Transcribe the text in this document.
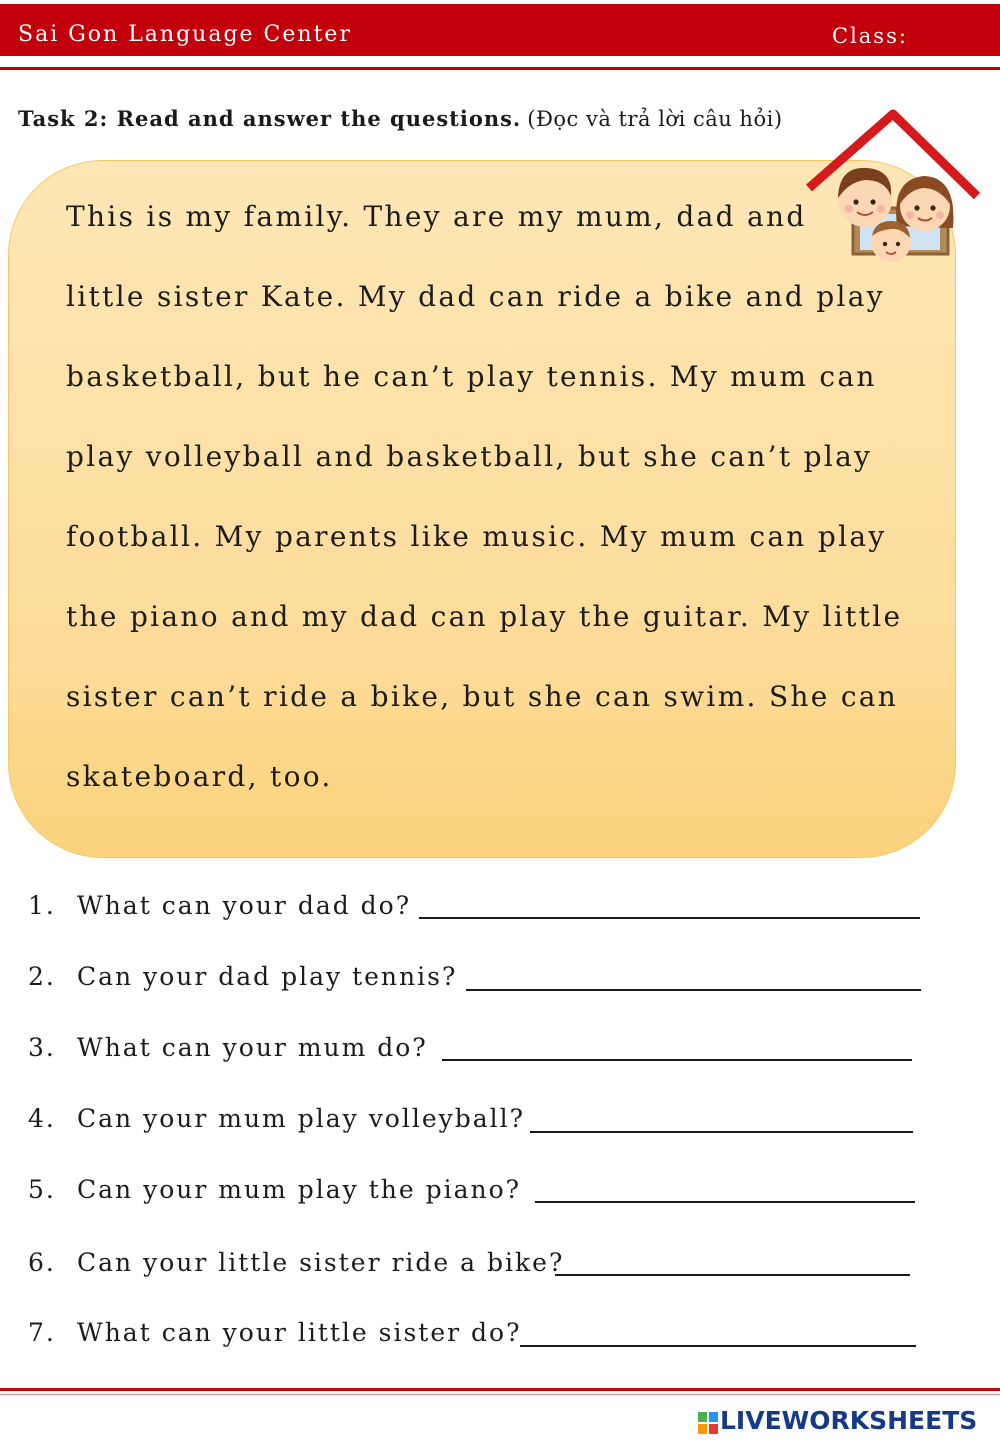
Sai Gon Language Center	Class:
Task 2: Read and answer the questions. (Đọc và trả lời câu hỏi)
This is my family. They are my mum, dad and
little sister Kate. My dad can ride a bike and play
basketball, but he can’t play tennis. My mum can
play volleyball and basketball, but she can’t play
football. My parents like music. My mum can play
the piano and my dad can play the guitar. My little
sister can’t ride a bike, but she can swim. She can
skateboard, too.
1. What can your dad do?
2. Can your dad play tennis?
3. What can your mum do?
4. Can your mum play volleyball?
5. Can your mum play the piano?
6. Can your little sister ride a bike?
7. What can your little sister do?
LIVEWORKSHEETS
